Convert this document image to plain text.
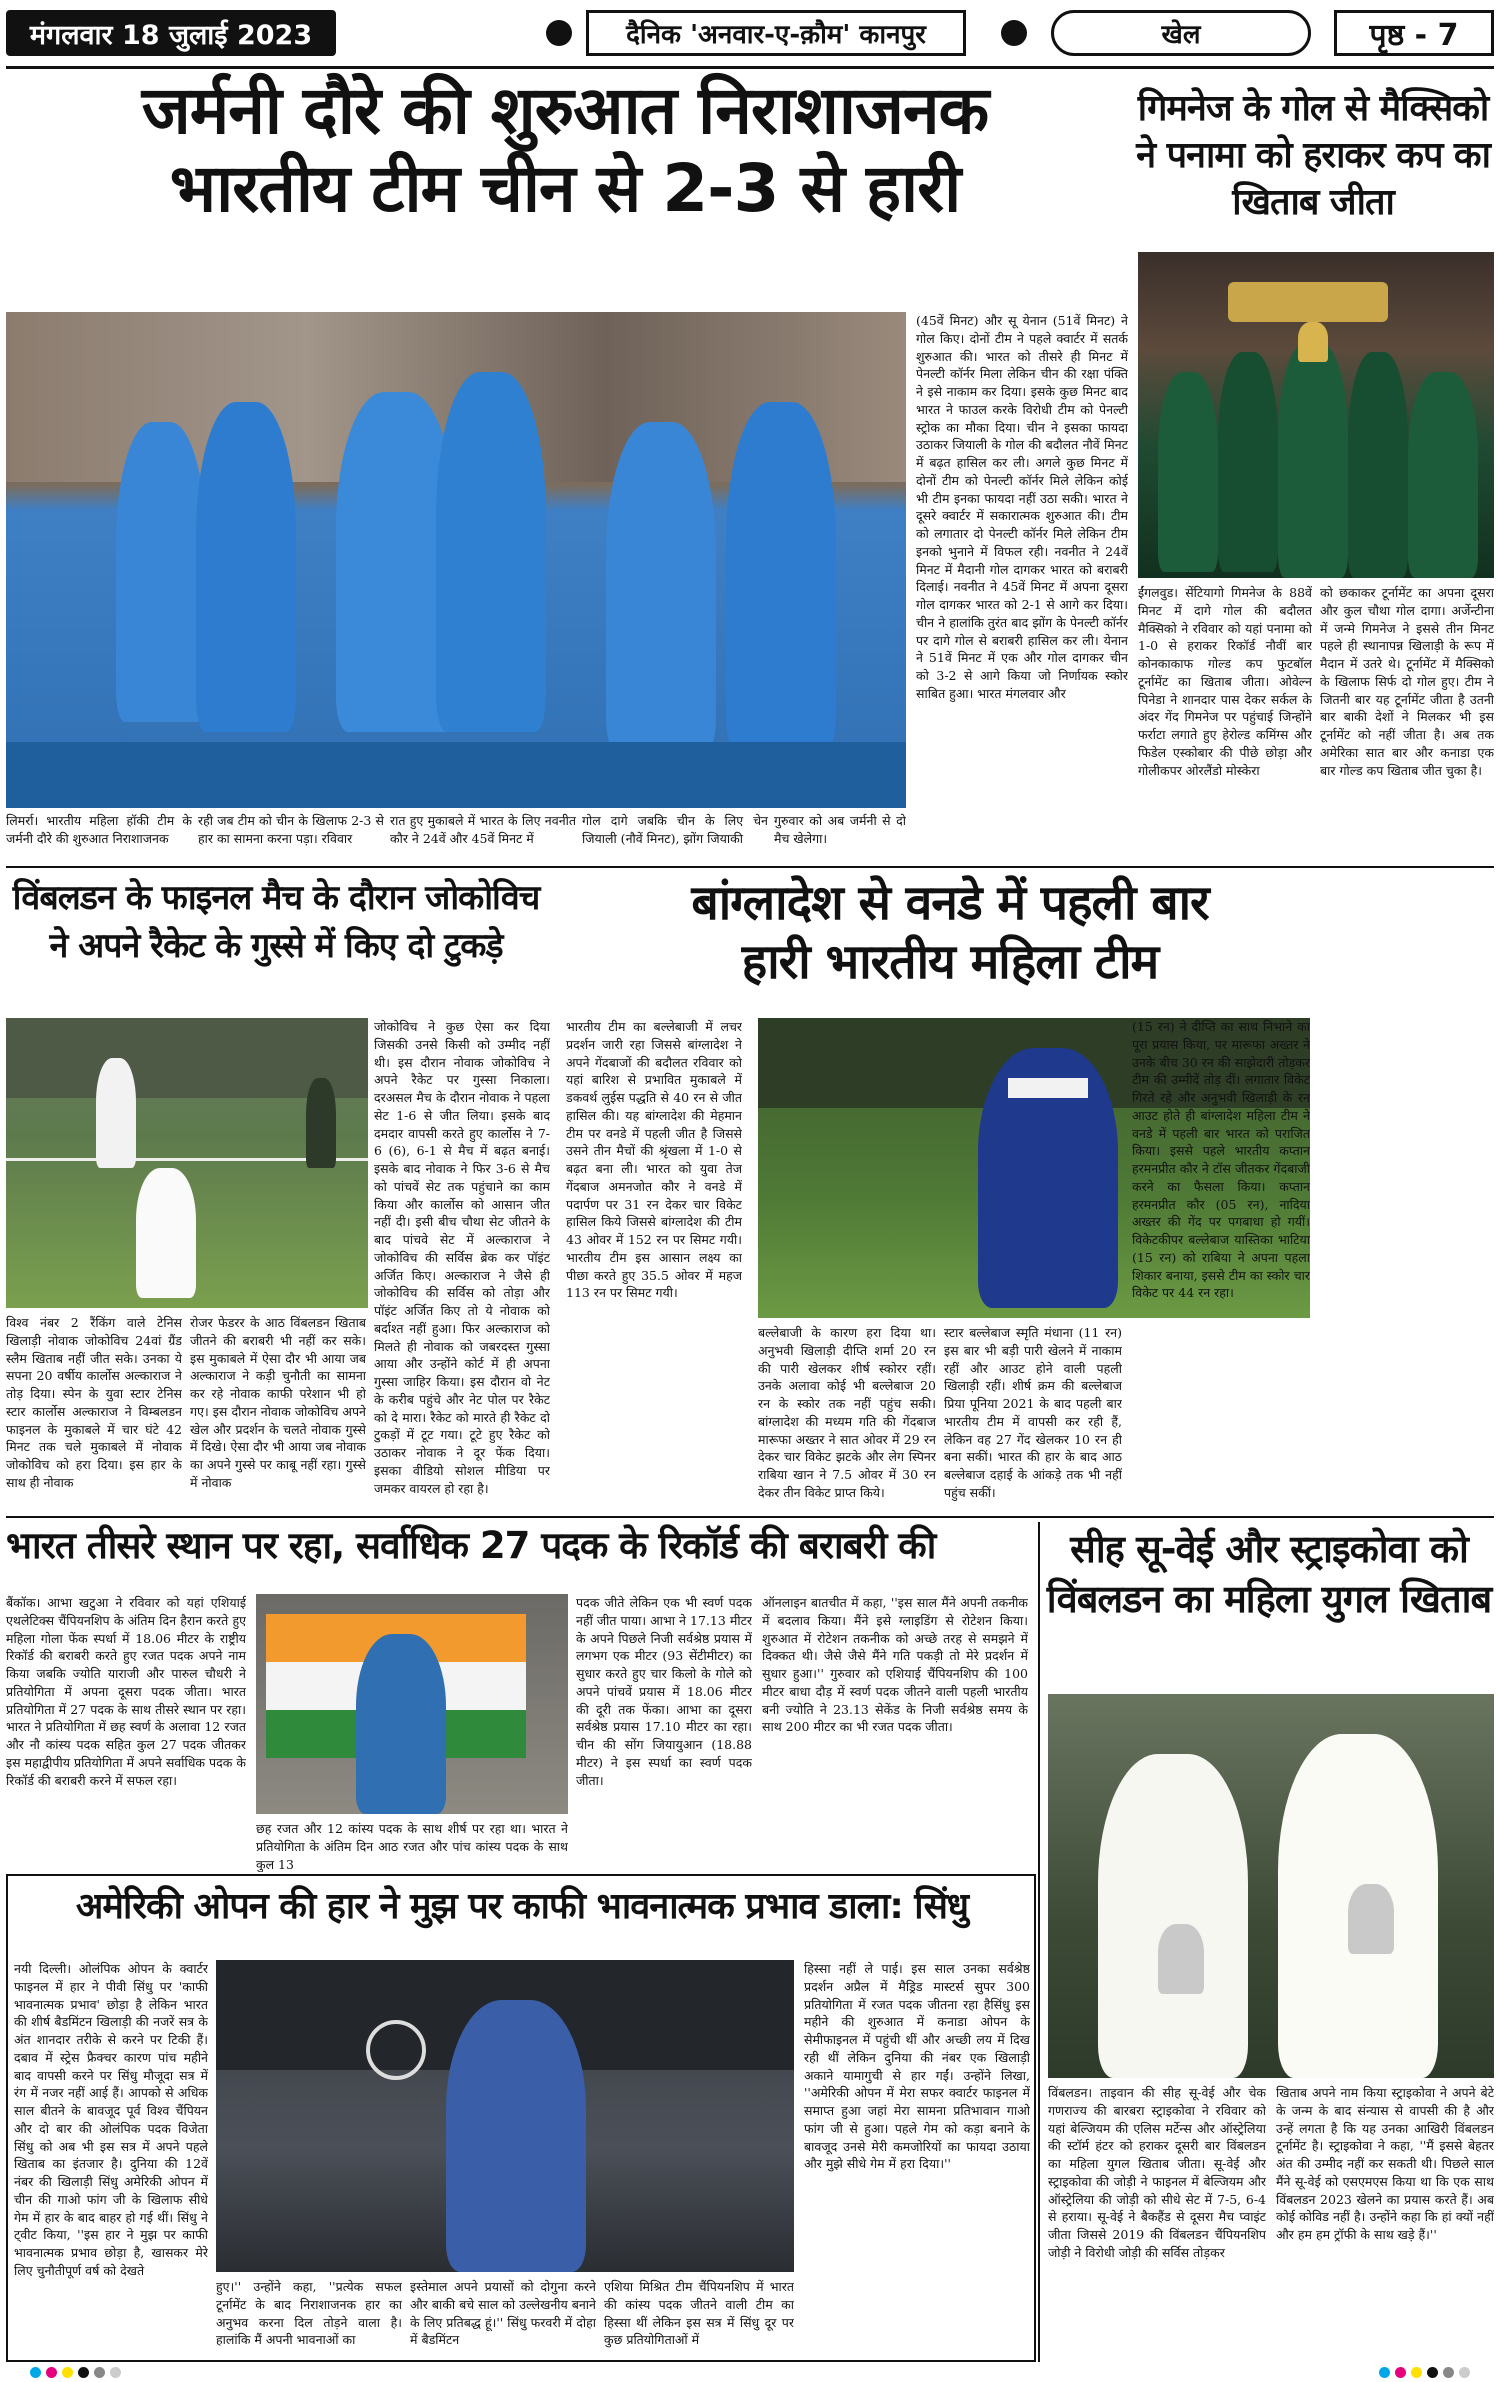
मंगलवार 18 जुलाई 2023	दैनिक 'अनवार-ए-क़ौम' कानपुर	खेल	पृष्ठ - 7
जर्मनी दौरे की शुरुआत निराशाजनक
भारतीय टीम चीन से 2-3 से हारी
(45वें मिनट) और सू येनान (51वें मिनट) ने गोल किए। दोनों टीम ने पहले क्वार्टर में सतर्क शुरुआत की। भारत को तीसरे ही मिनट में पेनल्टी कॉर्नर मिला लेकिन चीन की रक्षा पंक्ति ने इसे नाकाम कर दिया। इसके कुछ मिनट बाद भारत ने फाउल करके विरोधी टीम को पेनल्टी स्ट्रोक का मौका दिया। चीन ने इसका फायदा उठाकर जियाली के गोल की बदौलत नौवें मिनट में बढ़त हासिल कर ली। अगले कुछ मिनट में दोनों टीम को पेनल्टी कॉर्नर मिले लेकिन कोई भी टीम इनका फायदा नहीं उठा सकी। भारत ने दूसरे क्वार्टर में सकारात्मक शुरुआत की। टीम को लगातार दो पेनल्टी कॉर्नर मिले लेकिन टीम इनको भुनाने में विफल रही। नवनीत ने 24वें मिनट में मैदानी गोल दागकर भारत को बराबरी दिलाई। नवनीत ने 45वें मिनट में अपना दूसरा गोल दागकर भारत को 2-1 से आगे कर दिया। चीन ने हालांकि तुरंत बाद झोंग के पेनल्टी कॉर्नर पर दागे गोल से बराबरी हासिल कर ली। येनान ने 51वें मिनट में एक और गोल दागकर चीन को 3-2 से आगे किया जो निर्णायक स्कोर साबित हुआ। भारत मंगलवार और
लिमर्रा। भारतीय महिला हॉकी टीम के जर्मनी दौरे की शुरुआत निराशाजनक
रही जब टीम को चीन के खिलाफ 2-3 से हार का सामना करना पड़ा। रविवार
रात हुए मुकाबले में भारत के लिए नवनीत कौर ने 24वें और 45वें मिनट में
गोल दागे जबकि चीन के लिए चेन जियाली (नौवें मिनट), झोंग जियाकी
गुरुवार को अब जर्मनी से दो मैच खेलेगा।
गिमनेज के गोल से मैक्सिको ने पनामा को हराकर कप का खिताब जीता
ईंगलवुड। सेंटियागो गिमनेज के 88वें मिनट में दागे गोल की बदौलत मैक्सिको ने रविवार को यहां पनामा को 1-0 से हराकर रिकॉर्ड नौवीं बार कोनकाकाफ गोल्ड कप फुटबॉल टूर्नामेंट का खिताब जीता। ओवेल्न पिनेडा ने शानदार पास देकर सर्कल के अंदर गेंद गिमनेज पर पहुंचाई जिन्होंने फर्राटा लगाते हुए हेरोल्ड कमिंग्स और फिडेल एस्कोबार की पीछे छोड़ा और गोलीकपर ओरलैंडो मोस्केरा
को छकाकर टूर्नामेंट का अपना दूसरा और कुल चौथा गोल दागा। अर्जेन्टीना में जन्मे गिमनेज ने इससे तीन मिनट पहले ही स्थानापन्न खिलाड़ी के रूप में मैदान में उतरे थे। टूर्नामेंट में मैक्सिको के खिलाफ सिर्फ दो गोल हुए। टीम ने जितनी बार यह टूर्नामेंट जीता है उतनी बार बाकी देशों ने मिलकर भी इस टूर्नामेंट को नहीं जीता है। अब तक अमेरिका सात बार और कनाडा एक बार गोल्ड कप खिताब जीत चुका है।
विंबलडन के फाइनल मैच के दौरान जोकोविच
ने अपने रैकेट के गुस्से में किए दो टुकड़े
विश्व नंबर 2 रैंकिंग वाले टेनिस खिलाड़ी नोवाक जोकोविच 24वां ग्रैंड स्लैम खिताब नहीं जीत सके। उनका ये सपना 20 वर्षीय कार्लोस अल्काराज ने तोड़ दिया। स्पेन के युवा स्टार टेनिस स्टार कार्लोस अल्काराज ने विम्बलडन फाइनल के मुकाबले में चार घंटे 42 मिनट तक चले मुकाबले में नोवाक जोकोविच को हरा दिया। इस हार के साथ ही नोवाक
रोजर फेडरर के आठ विंबलडन खिताब जीतने की बराबरी भी नहीं कर सके। इस मुकाबले में ऐसा दौर भी आया जब अल्काराज ने कड़ी चुनौती का सामना कर रहे नोवाक काफी परेशान भी हो गए। इस दौरान नोवाक जोकोविच अपने खेल और प्रदर्शन के चलते नोवाक गुस्से में दिखे। ऐसा दौर भी आया जब नोवाक का अपने गुस्से पर काबू नहीं रहा। गुस्से में नोवाक
जोकोविच ने कुछ ऐसा कर दिया जिसकी उनसे किसी को उम्मीद नहीं थी। इस दौरान नोवाक जोकोविच ने अपने रैकेट पर गुस्सा निकाला। दरअसल मैच के दौरान नोवाक ने पहला सेट 1-6 से जीत लिया। इसके बाद दमदार वापसी करते हुए कार्लोस ने 7-6 (6), 6-1 से मैच में बढ़त बनाई। इसके बाद नोवाक ने फिर 3-6 से मैच को पांचवें सेट तक पहुंचाने का काम किया और कार्लोस को आसान जीत नहीं दी। इसी बीच चौथा सेट जीतने के बाद पांचवे सेट में अल्काराज ने जोकोविच की सर्विस ब्रेक कर पॉइंट अर्जित किए। अल्काराज ने जैसे ही जोकोविच की सर्विस को तोड़ा और पॉइंट अर्जित किए तो ये नोवाक को बर्दाश्त नहीं हुआ। फिर अल्काराज को मिलते ही नोवाक को जबरदस्त गुस्सा आया और उन्होंने कोर्ट में ही अपना गुस्सा जाहिर किया। इस दौरान वो नेट के करीब पहुंचे और नेट पोल पर रैकेट को दे मारा। रैकेट को मारते ही रैकेट दो टुकड़ों में टूट गया। टूटे हुए रैकेट को उठाकर नोवाक ने दूर फेंक दिया। इसका वीडियो सोशल मीडिया पर जमकर वायरल हो रहा है।
बांग्लादेश से वनडे में पहली बार
हारी भारतीय महिला टीम
भारतीय टीम का बल्लेबाजी में लचर प्रदर्शन जारी रहा जिससे बांग्लादेश ने अपने गेंदबाजों की बदौलत रविवार को यहां बारिश से प्रभावित मुकाबले में डकवर्थ लुईस पद्धति से 40 रन से जीत हासिल की। यह बांग्लादेश की मेहमान टीम पर वनडे में पहली जीत है जिससे उसने तीन मैचों की श्रृंखला में 1-0 से बढ़त बना ली। भारत को युवा तेज गेंदबाज अमनजोत कौर ने वनडे में पदार्पण पर 31 रन देकर चार विकेट हासिल किये जिससे बांग्लादेश की टीम 43 ओवर में 152 रन पर सिमट गयी। भारतीय टीम इस आसान लक्ष्य का पीछा करते हुए 35.5 ओवर में महज 113 रन पर सिमट गयी।
बल्लेबाजी के कारण हरा दिया था। अनुभवी खिलाड़ी दीप्ति शर्मा 20 रन की पारी खेलकर शीर्ष स्कोरर रहीं। उनके अलावा कोई भी बल्लेबाज 20 रन के स्कोर तक नहीं पहुंच सकी। बांग्लादेश की मध्यम गति की गेंदबाज मारूफा अख्तर ने सात ओवर में 29 रन देकर चार विकेट झटके और लेग स्पिनर राबिया खान ने 7.5 ओवर में 30 रन देकर तीन विकेट प्राप्त किये।
स्टार बल्लेबाज स्मृति मंधाना (11 रन) इस बार भी बड़ी पारी खेलने में नाकाम रहीं और आउट होने वाली पहली खिलाड़ी रहीं। शीर्ष क्रम की बल्लेबाज प्रिया पूनिया 2021 के बाद पहली बार भारतीय टीम में वापसी कर रही हैं, लेकिन वह 27 गेंद खेलकर 10 रन ही बना सकीं। भारत की हार के बाद आठ बल्लेबाज दहाई के आंकड़े तक भी नहीं पहुंच सकीं।
(15 रन) ने दीप्ति का साथ निभाने का पूरा प्रयास किया, पर मारूफा अख्तर ने उनके बीच 30 रन की साझेदारी तोड़कर टीम की उम्मीदें तोड़ दीं। लगातार विकेट गिरते रहे और अनुभवी खिलाड़ी के रन आउट होते ही बांग्लादेश महिला टीम ने वनडे में पहली बार भारत को पराजित किया। इससे पहले भारतीय कप्तान हरमनप्रीत कौर ने टॉस जीतकर गेंदबाजी करने का फैसला किया। कप्तान हरमनप्रीत कौर (05 रन), नादिया अख्तर की गेंद पर पगबाधा हो गयीं। विकेटकीपर बल्लेबाज यास्तिका भाटिया (15 रन) को राबिया ने अपना पहला शिकार बनाया, इससे टीम का स्कोर चार विकेट पर 44 रन रहा।
भारत तीसरे स्थान पर रहा, सर्वाधिक 27 पदक के रिकॉर्ड की बराबरी की
बैंकॉक। आभा खटुआ ने रविवार को यहां एशियाई एथलेटिक्स चैंपियनशिप के अंतिम दिन हैरान करते हुए महिला गोला फेंक स्पर्धा में 18.06 मीटर के राष्ट्रीय रिकॉर्ड की बराबरी करते हुए रजत पदक अपने नाम किया जबकि ज्योति याराजी और पारुल चौधरी ने प्रतियोगिता में अपना दूसरा पदक जीता। भारत प्रतियोगिता में 27 पदक के साथ तीसरे स्थान पर रहा। भारत ने प्रतियोगिता में छह स्वर्ण के अलावा 12 रजत और नौ कांस्य पदक सहित कुल 27 पदक जीतकर इस महाद्वीपीय प्रतियोगिता में अपने सर्वाधिक पदक के रिकॉर्ड की बराबरी करने में सफल रहा।
छह रजत और 12 कांस्य पदक के साथ शीर्ष पर रहा था। भारत ने प्रतियोगिता के अंतिम दिन आठ रजत और पांच कांस्य पदक के साथ कुल 13
पदक जीते लेकिन एक भी स्वर्ण पदक नहीं जीत पाया। आभा ने 17.13 मीटर के अपने पिछले निजी सर्वश्रेष्ठ प्रयास में लगभग एक मीटर (93 सेंटीमीटर) का सुधार करते हुए चार किलो के गोले को अपने पांचवें प्रयास में 18.06 मीटर की दूरी तक फेंका। आभा का दूसरा सर्वश्रेष्ठ प्रयास 17.10 मीटर का रहा। चीन की सोंग जियायुआन (18.88 मीटर) ने इस स्पर्धा का स्वर्ण पदक जीता।
ऑनलाइन बातचीत में कहा, ''इस साल मैंने अपनी तकनीक में बदलाव किया। मैंने इसे ग्लाइडिंग से रोटेशन किया। शुरुआत में रोटेशन तकनीक को अच्छे तरह से समझने में दिक्कत थी। जैसे जैसे मैंने गति पकड़ी तो मेरे प्रदर्शन में सुधार हुआ।'' गुरुवार को एशियाई चैंपियनशिप की 100 मीटर बाधा दौड़ में स्वर्ण पदक जीतने वाली पहली भारतीय बनी ज्योति ने 23.13 सेकेंड के निजी सर्वश्रेष्ठ समय के साथ 200 मीटर का भी रजत पदक जीता।
सीह सू-वेई और स्ट्राइकोवा को विंबलडन का महिला युगल खिताब
विंबलडन। ताइवान की सीह सू-वेई और चेक गणराज्य की बारबरा स्ट्राइकोवा ने रविवार को यहां बेल्जियम की एलिस मर्टेन्स और ऑस्ट्रेलिया की स्टॉर्म हंटर को हराकर दूसरी बार विंबलडन का महिला युगल खिताब जीता। सू-वेई और स्ट्राइकोवा की जोड़ी ने फाइनल में बेल्जियम और ऑस्ट्रेलिया की जोड़ी को सीधे सेट में 7-5, 6-4 से हराया। सू-वेई ने बैकहैंड से दूसरा मैच प्वाइंट जीता जिससे 2019 की विंबलडन चैंपियनशिप जोड़ी ने विरोधी जोड़ी की सर्विस तोड़कर
खिताब अपने नाम किया स्ट्राइकोवा ने अपने बेटे के जन्म के बाद संन्यास से वापसी की है और उन्हें लगता है कि यह उनका आखिरी विंबलडन टूर्नामेंट है। स्ट्राइकोवा ने कहा, ''मैं इससे बेहतर अंत की उम्मीद नहीं कर सकती थी। पिछले साल मैंने सू-वेई को एसएमएस किया था कि एक साथ विंबलडन 2023 खेलने का प्रयास करते हैं। अब कोई कोविड नहीं है। उन्होंने कहा कि हां क्यों नहीं और हम हम ट्रॉफी के साथ खड़े हैं।''
अमेरिकी ओपन की हार ने मुझ पर काफी भावनात्मक प्रभाव डाला: सिंधु
नयी दिल्ली। ओलंपिक ओपन के क्वार्टर फाइनल में हार ने पीवी सिंधु पर 'काफी भावनात्मक प्रभाव' छोड़ा है लेकिन भारत की शीर्ष बैडमिंटन खिलाड़ी की नजरें सत्र के अंत शानदार तरीके से करने पर टिकी हैं। दबाव में स्ट्रेस फ्रैक्चर कारण पांच महीने बाद वापसी करने पर सिंधु मौजूदा सत्र में रंग में नजर नहीं आई हैं। आपको से अधिक साल बीतने के बावजूद पूर्व विश्व चैंपियन और दो बार की ओलंपिक पदक विजेता सिंधु को अब भी इस सत्र में अपने पहले खिताब का इंतजार है। दुनिया की 12वें नंबर की खिलाड़ी सिंधु अमेरिकी ओपन में चीन की गाओ फांग जी के खिलाफ सीधे गेम में हार के बाद बाहर हो गई थीं। सिंधु ने ट्वीट किया, ''इस हार ने मुझ पर काफी भावनात्मक प्रभाव छोड़ा है, खासकर मेरे लिए चुनौतीपूर्ण वर्ष को देखते
हुए।'' उन्होंने कहा, ''प्रत्येक सफल टूर्नामेंट के बाद निराशाजनक हार का अनुभव करना दिल तोड़ने वाला है। हालांकि मैं अपनी भावनाओं का
इस्तेमाल अपने प्रयासों को दोगुना करने और बाकी बचे साल को उल्लेखनीय बनाने के लिए प्रतिबद्ध हूं।'' सिंधु फरवरी में दोहा में बैडमिंटन
एशिया मिश्रित टीम चैंपियनशिप में भारत की कांस्य पदक जीतने वाली टीम का हिस्सा थीं लेकिन इस सत्र में सिंधु दूर पर कुछ प्रतियोगिताओं में
हिस्सा नहीं ले पाई। इस साल उनका सर्वश्रेष्ठ प्रदर्शन अप्रैल में मैड्रिड मास्टर्स सुपर 300 प्रतियोगिता में रजत पदक जीतना रहा हैसिंधु इस महीने की शुरुआत में कनाडा ओपन के सेमीफाइनल में पहुंची थीं और अच्छी लय में दिख रही थीं लेकिन दुनिया की नंबर एक खिलाड़ी अकाने यामागुची से हार गईं। उन्होंने लिखा, ''अमेरिकी ओपन में मेरा सफर क्वार्टर फाइनल में समाप्त हुआ जहां मेरा सामना प्रतिभावान गाओ फांग जी से हुआ। पहले गेम को कड़ा बनाने के बावजूद उनसे मेरी कमजोरियों का फायदा उठाया और मुझे सीधे गेम में हरा दिया।''
